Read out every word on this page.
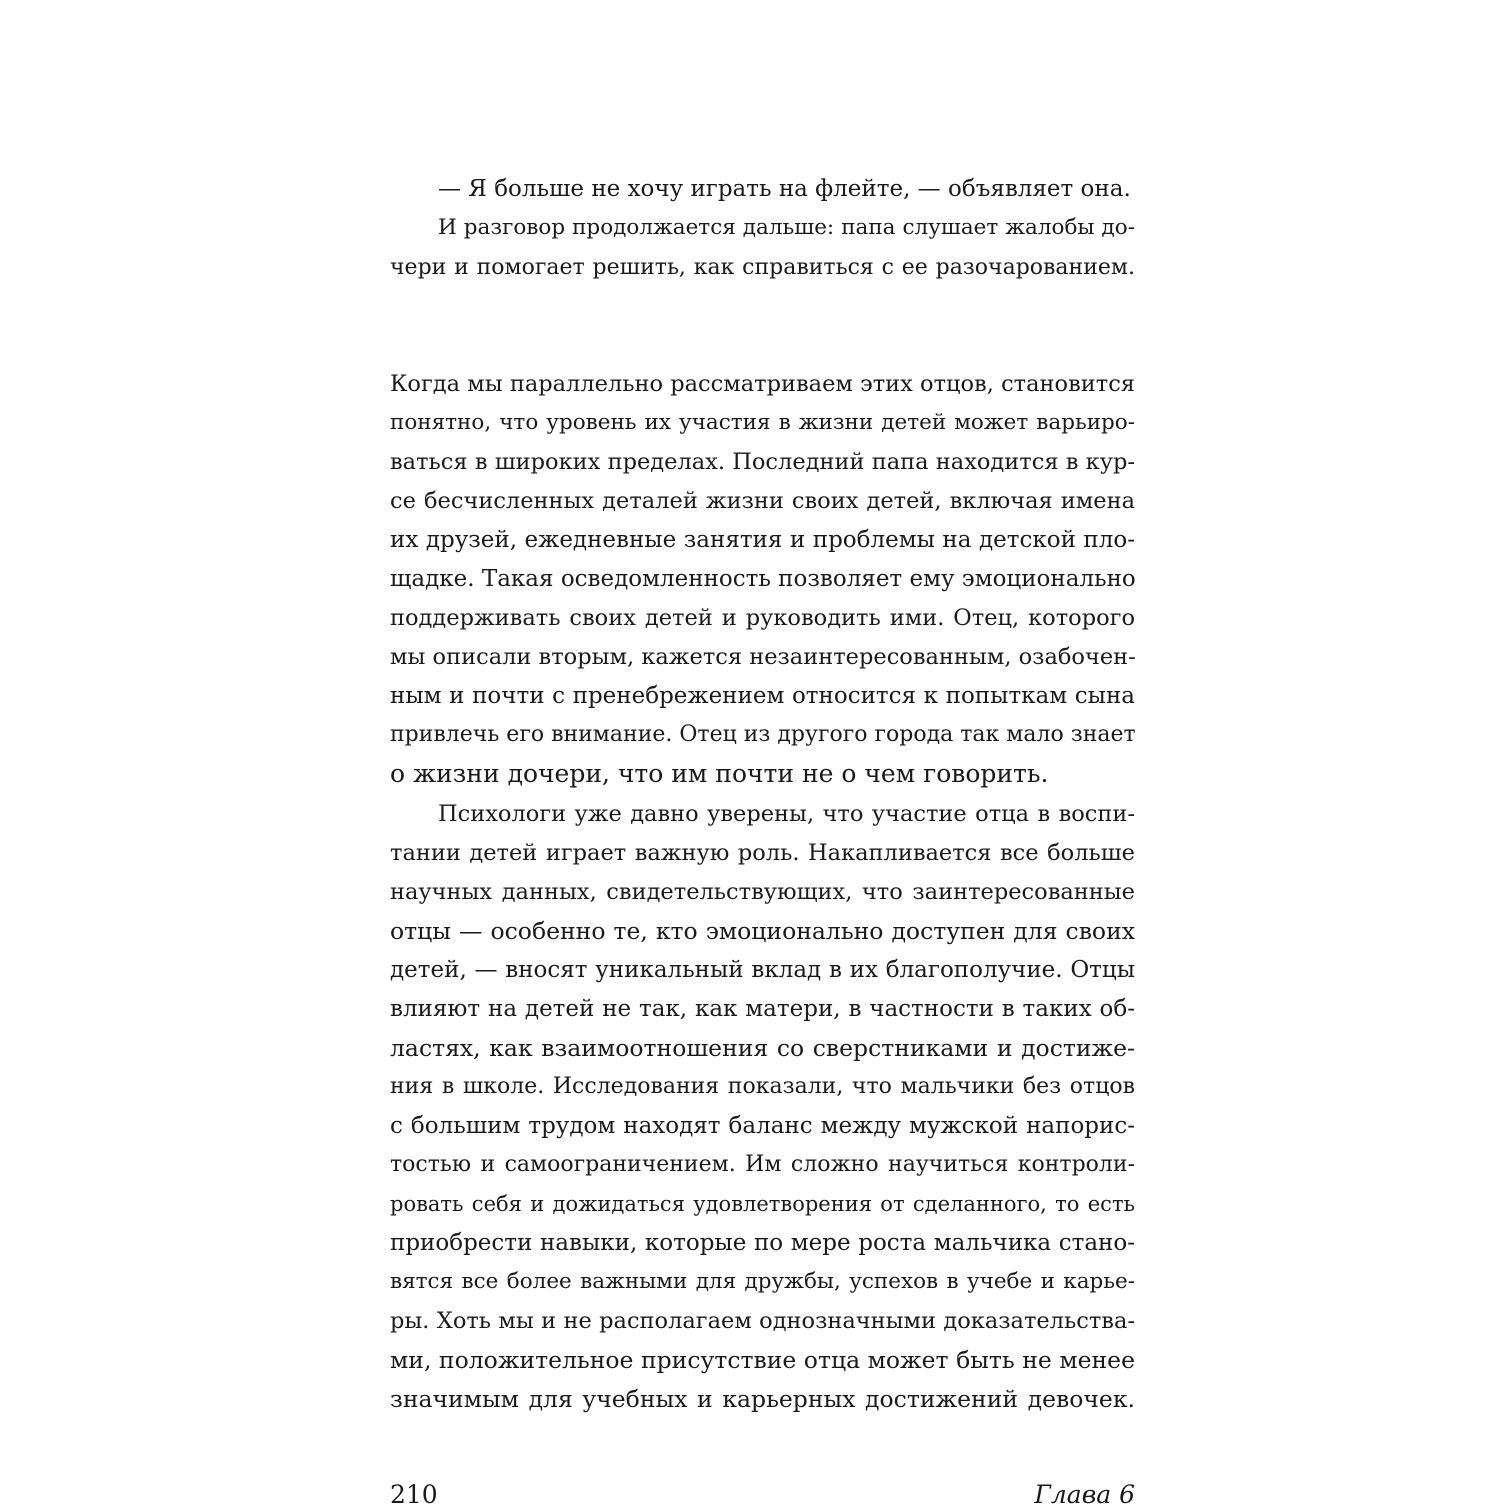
— Я больше не хочу играть на флейте, — объявляет она.
И разговор продолжается дальше: папа слушает жалобы до-
чери и помогает решить, как справиться с ее разочарованием.
Когда мы параллельно рассматриваем этих отцов, становится
понятно, что уровень их участия в жизни детей может варьиро-
ваться в широких пределах. Последний папа находится в кур-
се бесчисленных деталей жизни своих детей, включая имена
их друзей, ежедневные занятия и проблемы на детской пло-
щадке. Такая осведомленность позволяет ему эмоционально
поддерживать своих детей и руководить ими. Отец, которого
мы описали вторым, кажется незаинтересованным, озабочен-
ным и почти с пренебрежением относится к попыткам сына
привлечь его внимание. Отец из другого города так мало знает
о жизни дочери, что им почти не о чем говорить.
Психологи уже давно уверены, что участие отца в воспи-
тании детей играет важную роль. Накапливается все больше
научных данных, свидетельствующих, что заинтересованные
отцы — особенно те, кто эмоционально доступен для своих
детей, — вносят уникальный вклад в их благополучие. Отцы
влияют на детей не так, как матери, в частности в таких об-
ластях, как взаимоотношения со сверстниками и достиже-
ния в школе. Исследования показали, что мальчики без отцов
с большим трудом находят баланс между мужской напорис-
тостью и самоограничением. Им сложно научиться контроли-
ровать себя и дожидаться удовлетворения от сделанного, то есть
приобрести навыки, которые по мере роста мальчика стано-
вятся все более важными для дружбы, успехов в учебе и карье-
ры. Хоть мы и не располагаем однозначными доказательства-
ми, положительное присутствие отца может быть не менее
значимым для учебных и карьерных достижений девочек.
210	Глава 6
